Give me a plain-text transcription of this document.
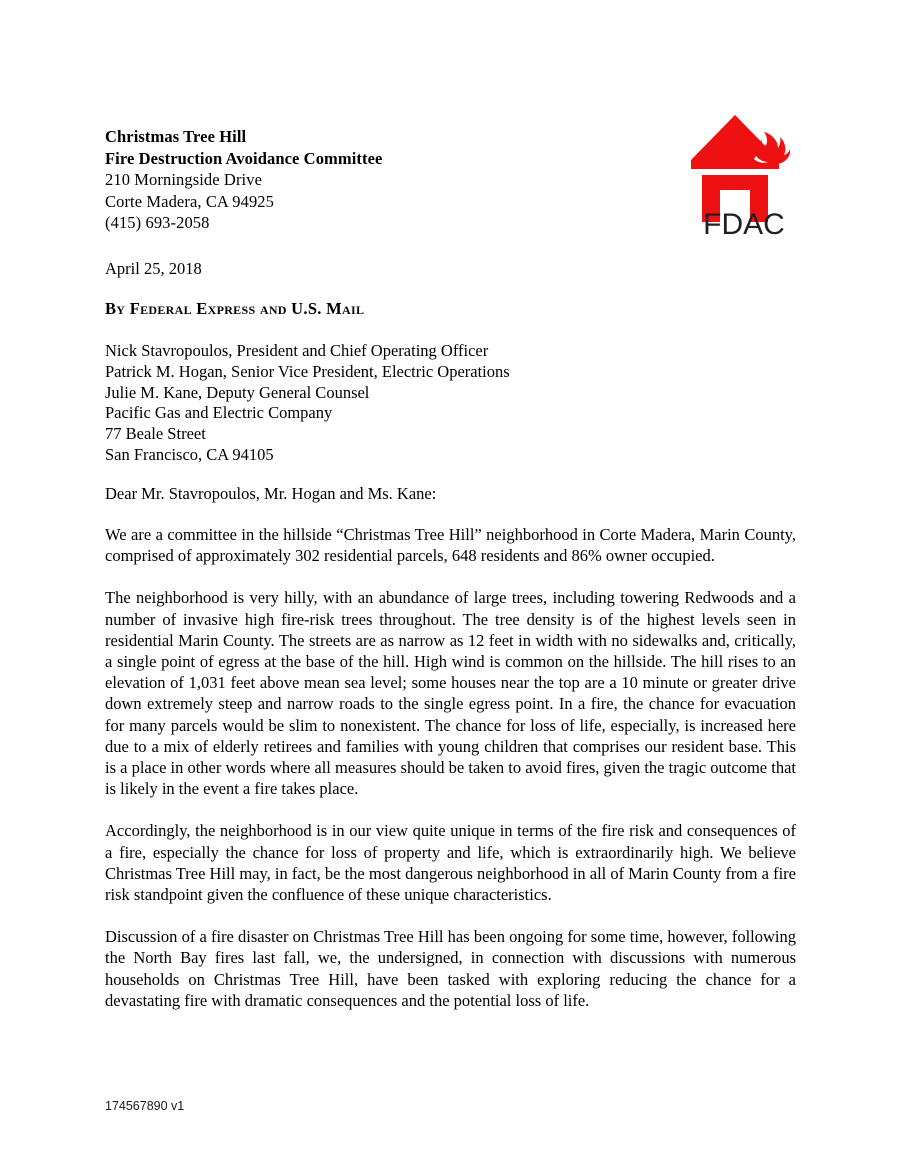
Christmas Tree Hill
Fire Destruction Avoidance Committee
210 Morningside Drive
Corte Madera, CA 94925
(415) 693-2058	FDAC
April 25, 2018
By Federal Express and U.S. Mail
Nick Stavropoulos, President and Chief Operating Officer
Patrick M. Hogan, Senior Vice President, Electric Operations
Julie M. Kane, Deputy General Counsel
Pacific Gas and Electric Company
77 Beale Street
San Francisco, CA 94105
Dear Mr. Stavropoulos, Mr. Hogan and Ms. Kane:

We are a committee in the hillside “Christmas Tree Hill” neighborhood in Corte Madera, Marin County, comprised of approximately 302 residential parcels, 648 residents and 86% owner occupied.

The neighborhood is very hilly, with an abundance of large trees, including towering Redwoods and a number of invasive high fire-risk trees throughout. The tree density is of the highest levels seen in residential Marin County. The streets are as narrow as 12 feet in width with no sidewalks and, critically, a single point of egress at the base of the hill. High wind is common on the hillside. The hill rises to an elevation of 1,031 feet above mean sea level; some houses near the top are a 10 minute or greater drive down extremely steep and narrow roads to the single egress point. In a fire, the chance for evacuation for many parcels would be slim to nonexistent. The chance for loss of life, especially, is increased here due to a mix of elderly retirees and families with young children that comprises our resident base. This is a place in other words where all measures should be taken to avoid fires, given the tragic outcome that is likely in the event a fire takes place.

Accordingly, the neighborhood is in our view quite unique in terms of the fire risk and consequences of a fire, especially the chance for loss of property and life, which is extraordinarily high. We believe Christmas Tree Hill may, in fact, be the most dangerous neighborhood in all of Marin County from a fire risk standpoint given the confluence of these unique characteristics.

Discussion of a fire disaster on Christmas Tree Hill has been ongoing for some time, however, following the North Bay fires last fall, we, the undersigned, in connection with discussions with numerous households on Christmas Tree Hill, have been tasked with exploring reducing the chance for a devastating fire with dramatic consequences and the potential loss of life.

174567890 v1
